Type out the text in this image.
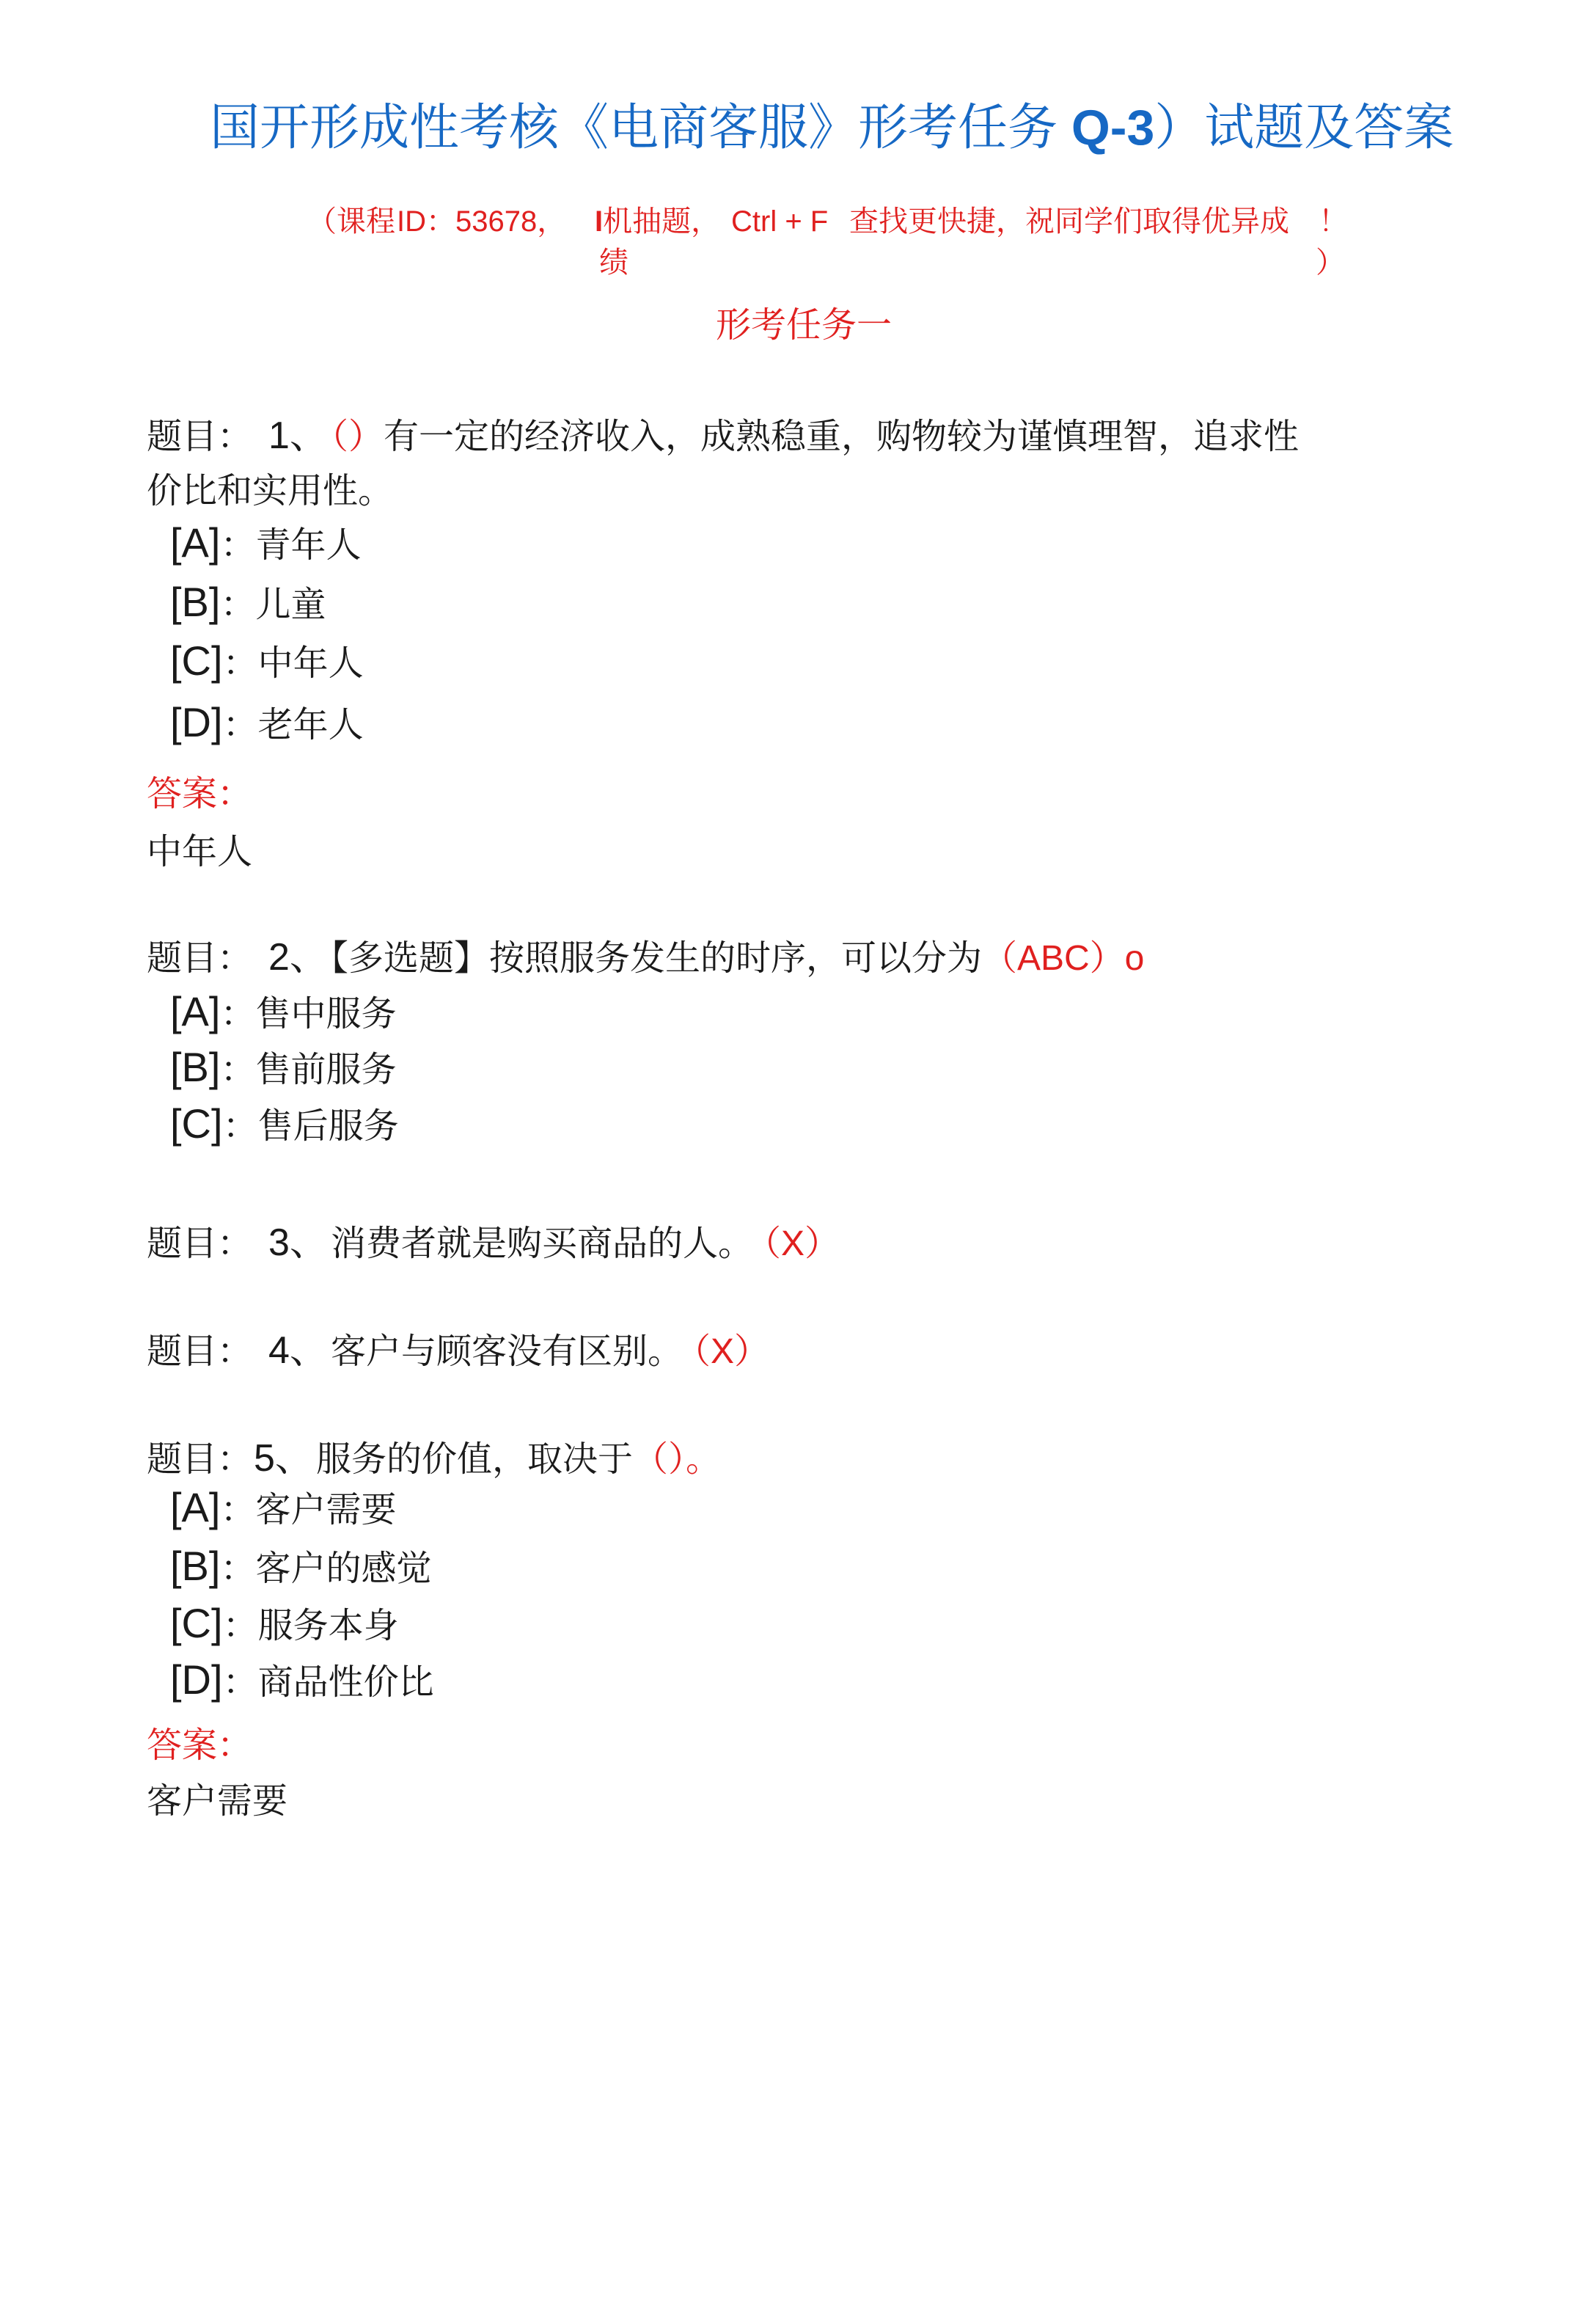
国开形成性考核《电商客服》形考任务 Q-3）试题及答案
（课程 ID：53678， I机抽题， Ctrl + F 查找更快捷，祝同学们取得优异成 ！
绩	）
形考任务一
题目： 1、（）有一定的经济收入，成熟稳重，购物较为谨慎理智，追求性
价比和实用性。
[A]：青年人
[B]：儿童
[C]：中年人
[D]：老年人
答案：
中年人
题目： 2、【多选题】按照服务发生的时序，可以分为（ABC）o
[A]：售中服务
[B]：售前服务
[C]：售后服务
题目： 3、消费者就是购买商品的人。 （X）
题目： 4、客户与顾客没有区别。 （X）
题目：5、服务的价值，取决于（）。
[A]：客户需要
[B]：客户的感觉
[C]：服务本身
[D]：商品性价比
答案：
客户需要
